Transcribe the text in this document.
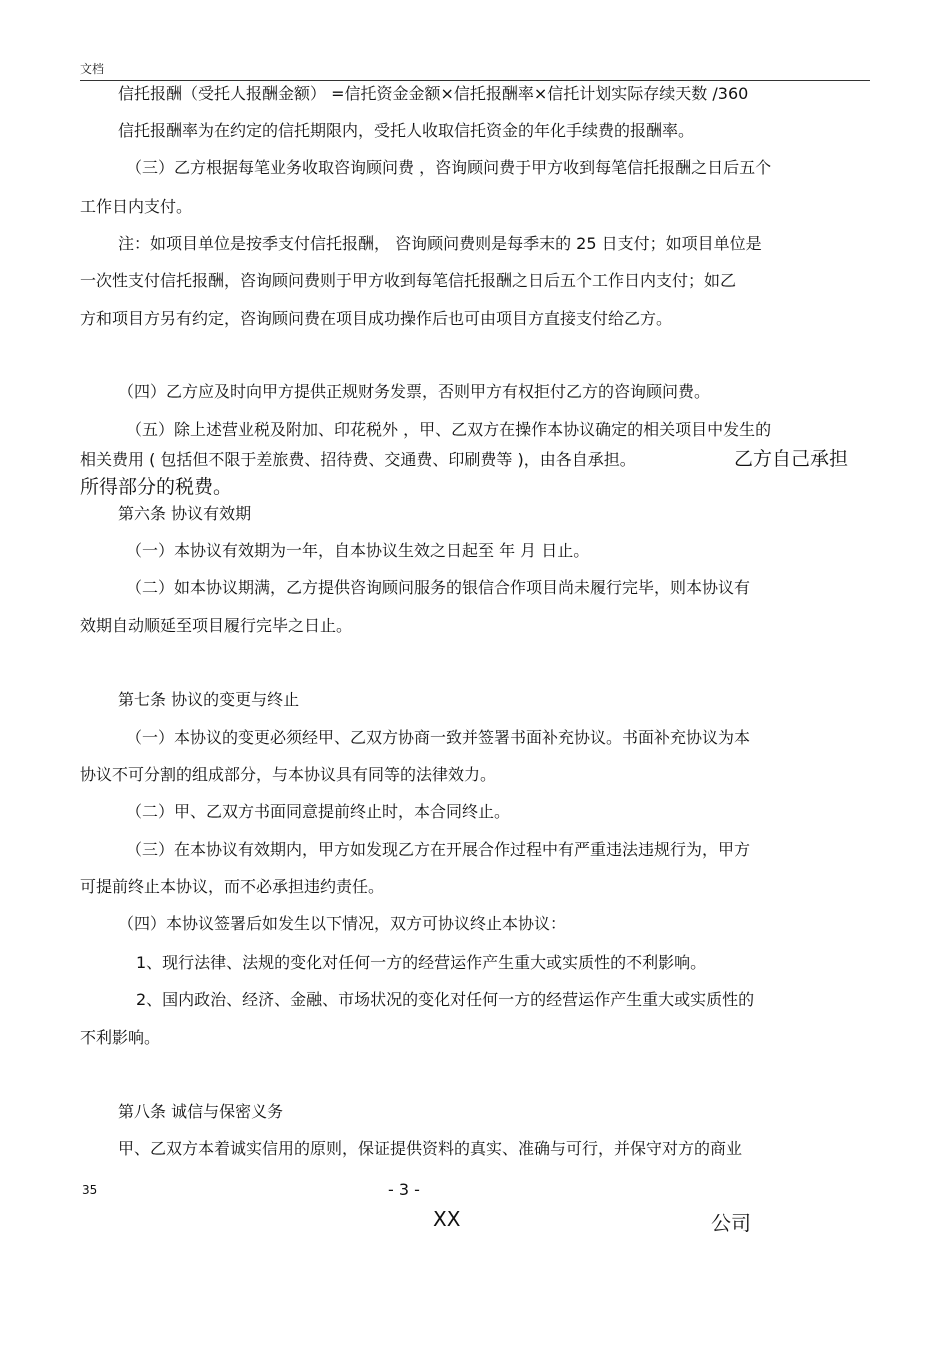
文档
信托报酬（受托人报酬金额） =信托资金金额×信托报酬率×信托计划实际存续天数 /360
信托报酬率为在约定的信托期限内，受托人收取信托资金的年化手续费的报酬率。
（三）乙方根据每笔业务收取咨询顾问费 ，咨询顾问费于甲方收到每笔信托报酬之日后五个
工作日内支付。
注：如项目单位是按季支付信托报酬， 咨询顾问费则是每季末的 25 日支付；如项目单位是
一次性支付信托报酬，咨询顾问费则于甲方收到每笔信托报酬之日后五个工作日内支付；如乙
方和项目方另有约定，咨询顾问费在项目成功操作后也可由项目方直接支付给乙方。
（四）乙方应及时向甲方提供正规财务发票，否则甲方有权拒付乙方的咨询顾问费。
（五）除上述营业税及附加、印花税外 ，甲、乙双方在操作本协议确定的相关项目中发生的
相关费用 ( 包括但不限于差旅费、招待费、交通费、印刷费等 )，由各自承担。	乙方自己承担
所得部分的税费。
第六条 协议有效期
（一）本协议有效期为一年，自本协议生效之日起至 年 月 日止。
（二）如本协议期满，乙方提供咨询顾问服务的银信合作项目尚未履行完毕，则本协议有
效期自动顺延至项目履行完毕之日止。
第七条 协议的变更与终止
（一）本协议的变更必须经甲、乙双方协商一致并签署书面补充协议。书面补充协议为本
协议不可分割的组成部分，与本协议具有同等的法律效力。
（二）甲、乙双方书面同意提前终止时，本合同终止。
（三）在本协议有效期内，甲方如发现乙方在开展合作过程中有严重违法违规行为，甲方
可提前终止本协议，而不必承担违约责任。
（四）本协议签署后如发生以下情况，双方可协议终止本协议：
1、现行法律、法规的变化对任何一方的经营运作产生重大或实质性的不利影响。
2、国内政治、经济、金融、市场状况的变化对任何一方的经营运作产生重大或实质性的
不利影响。
第八条 诚信与保密义务
甲、乙双方本着诚实信用的原则，保证提供资料的真实、准确与可行，并保守对方的商业
35	- 3 -
XX	公司
